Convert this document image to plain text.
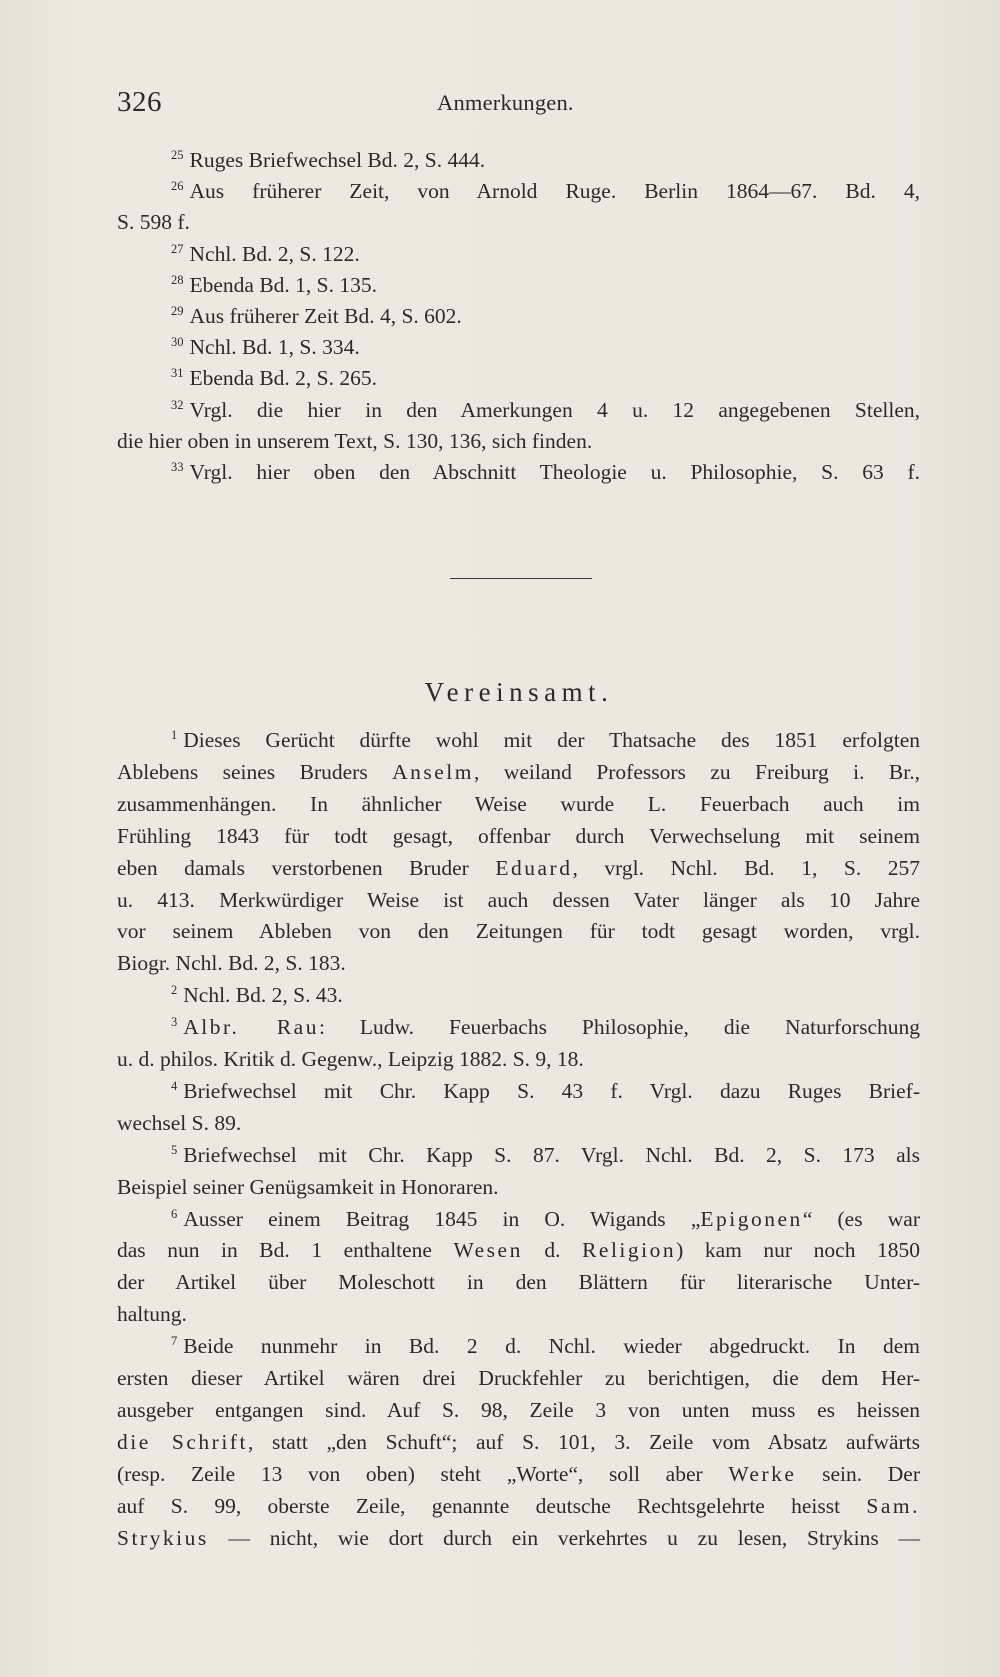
326	Anmerkungen.
$^{25}$ Ruges Briefwechsel Bd. 2, S. 444.
$^{26}$ Aus früherer Zeit, von Arnold Ruge. Berlin 1864—67. Bd. 4,
S. 598 f.
$^{27}$ Nchl. Bd. 2, S. 122.
$^{28}$ Ebenda Bd. 1, S. 135.
$^{29}$ Aus früherer Zeit Bd. 4, S. 602.
$^{30}$ Nchl. Bd. 1, S. 334.
$^{31}$ Ebenda Bd. 2, S. 265.
$^{32}$ Vrgl. die hier in den Amerkungen 4 u. 12 angegebenen Stellen,
die hier oben in unserem Text, S. 130, 136, sich finden.
$^{33}$ Vrgl. hier oben den Abschnitt Theologie u. Philosophie, S. 63 f.
Vereinsamt.
$^1$ Dieses Gerücht dürfte wohl mit der Thatsache des 1851 erfolgten
Ablebens seines Bruders Anselm, weiland Professors zu Freiburg i. Br.,
zusammenhängen. In ähnlicher Weise wurde L. Feuerbach auch im
Frühling 1843 für todt gesagt, offenbar durch Verwechselung mit seinem
eben damals verstorbenen Bruder Eduard, vrgl. Nchl. Bd. 1, S. 257
u. 413. Merkwürdiger Weise ist auch dessen Vater länger als 10 Jahre
vor seinem Ableben von den Zeitungen für todt gesagt worden, vrgl.
Biogr. Nchl. Bd. 2, S. 183.
$^2$ Nchl. Bd. 2, S. 43.
$^3$ Albr. Rau: Ludw. Feuerbachs Philosophie, die Naturforschung
u. d. philos. Kritik d. Gegenw., Leipzig 1882. S. 9, 18.
$^4$ Briefwechsel mit Chr. Kapp S. 43 f. Vrgl. dazu Ruges Brief-
wechsel S. 89.
$^5$ Briefwechsel mit Chr. Kapp S. 87. Vrgl. Nchl. Bd. 2, S. 173 als
Beispiel seiner Genügsamkeit in Honoraren.
$^6$ Ausser einem Beitrag 1845 in O. Wigands „Epigonen“ (es war
das nun in Bd. 1 enthaltene Wesen d. Religion) kam nur noch 1850
der Artikel über Moleschott in den Blättern für literarische Unter-
haltung.
$^7$ Beide nunmehr in Bd. 2 d. Nchl. wieder abgedruckt. In dem
ersten dieser Artikel wären drei Druckfehler zu berichtigen, die dem Her-
ausgeber entgangen sind. Auf S. 98, Zeile 3 von unten muss es heissen
die Schrift, statt „den Schuft“; auf S. 101, 3. Zeile vom Absatz aufwärts
(resp. Zeile 13 von oben) steht „Worte“, soll aber Werke sein. Der
auf S. 99, oberste Zeile, genannte deutsche Rechtsgelehrte heisst Sam.
Strykius — nicht, wie dort durch ein verkehrtes u zu lesen, Strykins —
